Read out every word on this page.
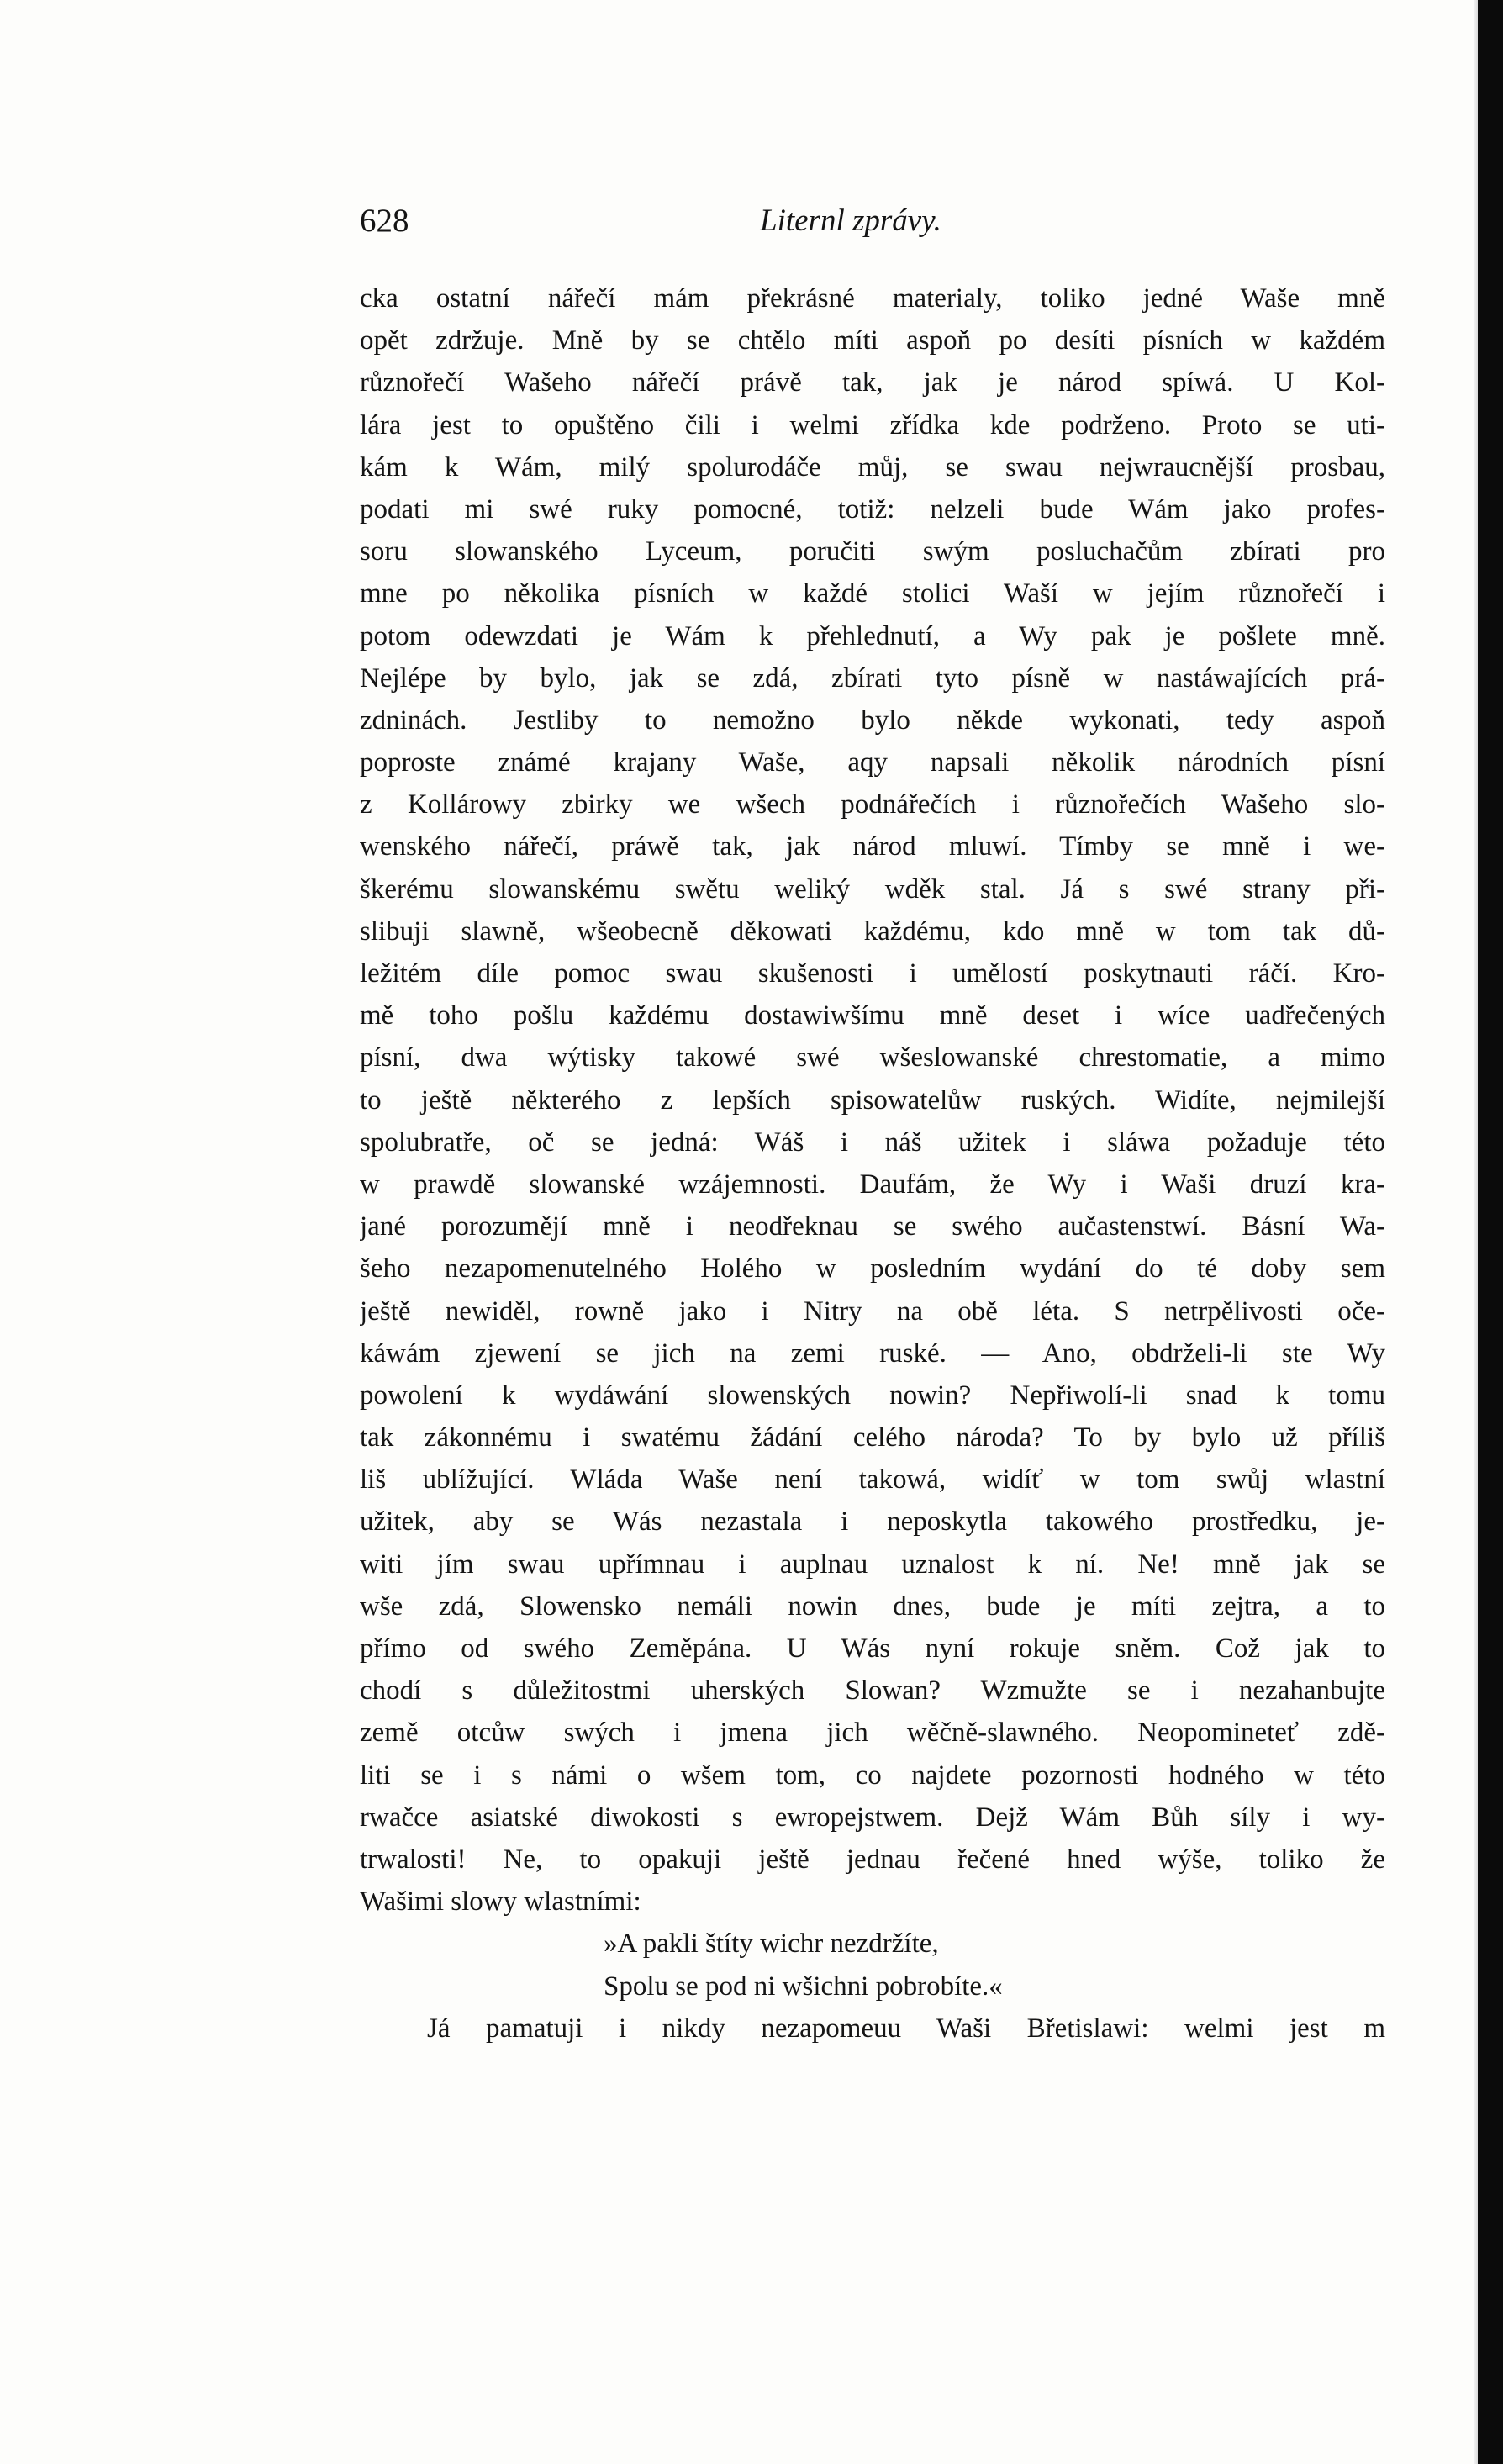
628	Liternl zprávy.
cka ostatní nářečí mám překrásné materialy, toliko jedné Waše mně
opět zdržuje. Mně by se chtělo míti aspoň po desíti písních w každém
různořečí Wašeho nářečí právě tak, jak je národ spíwá. U Kol-
lára jest to opuštěno čili i welmi zřídka kde podrženo. Proto se uti-
kám k Wám, milý spolurodáče můj, se swau nejwraucnější prosbau,
podati mi swé ruky pomocné, totiž: nelzeli bude Wám jako profes-
soru slowanského Lyceum, poručiti swým posluchačům zbírati pro
mne po několika písních w každé stolici Waší w jejím různořečí i
potom odewzdati je Wám k přehlednutí, a Wy pak je pošlete mně.
Nejlépe by bylo, jak se zdá, zbírati tyto písně w nastáwajících prá-
zdninách. Jestliby to nemožno bylo někde wykonati, tedy aspoň
poproste známé krajany Waše, aqy napsali několik národních písní
z Kollárowy zbirky we wšech podnářečích i různořečích Wašeho slo-
wenského nářečí, práwě tak, jak národ mluwí. Tímby se mně i we-
škerému slowanskému swětu weliký wděk stal. Já s swé strany při-
slibuji slawně, wšeobecně děkowati každému, kdo mně w tom tak dů-
ležitém díle pomoc swau skušenosti i umělostí poskytnauti ráčí. Kro-
mě toho pošlu každému dostawiwšímu mně deset i wíce uadřečených
písní, dwa wýtisky takowé swé wšeslowanské chrestomatie, a mimo
to ještě některého z lepších spisowatelůw ruských. Widíte, nejmilejší
spolubratře, oč se jedná: Wáš i náš užitek i sláwa požaduje této
w prawdě slowanské wzájemnosti. Daufám, že Wy i Waši druzí kra-
jané porozumějí mně i neodřeknau se swého aučastenstwí. Básní Wa-
šeho nezapomenutelného Holého w posledním wydání do té doby sem
ještě newiděl, rowně jako i Nitry na obě léta. S netrpělivosti oče-
káwám zjewení se jich na zemi ruské. — Ano, obdrželi-li ste Wy
powolení k wydáwání slowenských nowin? Nepřiwolí-li snad k tomu
tak zákonnému i swatému žádání celého národa? To by bylo už příliš
liš ublížující. Wláda Waše není takowá, widíť w tom swůj wlastní
užitek, aby se Wás nezastala i neposkytla takowého prostředku, je-
witi jím swau upřímnau i auplnau uznalost k ní. Ne! mně jak se
wše zdá, Slowensko nemáli nowin dnes, bude je míti zejtra, a to
přímo od swého Zeměpána. U Wás nyní rokuje sněm. Což jak to
chodí s důležitostmi uherských Slowan? Wzmužte se i nezahanbujte
země otcůw swých i jmena jich wěčně-slawného. Neopomineteť zdě-
liti se i s námi o wšem tom, co najdete pozornosti hodného w této
rwačce asiatské diwokosti s ewropejstwem. Dejž Wám Bůh síly i wy-
trwalosti! Ne, to opakuji ještě jednau řečené hned wýše, toliko že
Wašimi slowy wlastními:
»A pakli štíty wichr nezdržíte,
Spolu se pod ni wšichni pobrobíte.«
Já pamatuji i nikdy nezapomeuu Waši Břetislawi: welmi jest m
